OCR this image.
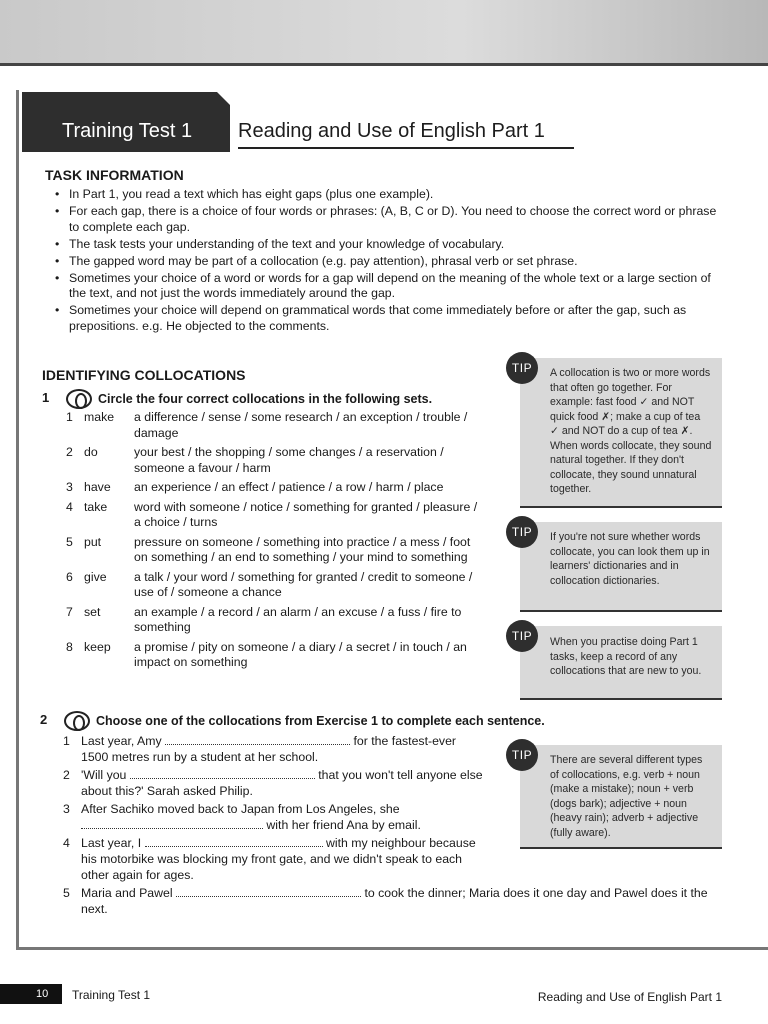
Training Test 1 Reading and Use of English Part 1
TASK INFORMATION
• In Part 1, you read a text which has eight gaps (plus one example).
• For each gap, there is a choice of four words or phrases: (A, B, C or D). You need to choose the correct word or phrase to complete each gap.
• The task tests your understanding of the text and your knowledge of vocabulary.
• The gapped word may be part of a collocation (e.g. pay attention), phrasal verb or set phrase.
• Sometimes your choice of a word or words for a gap will depend on the meaning of the whole text or a large section of the text, and not just the words immediately around the gap.
• Sometimes your choice will depend on grammatical words that come immediately before or after the gap, such as prepositions. e.g. He objected to the comments.
IDENTIFYING COLLOCATIONS
1	Circle the four correct collocations in the following sets.
1 make	a difference / sense / some research / an exception / trouble / damage
2 do	your best / the shopping / some changes / a reservation / someone a favour / harm
3 have	an experience / an effect / patience / a row / harm / place
4 take	word with someone / notice / something for granted / pleasure / a choice / turns
5 put	pressure on someone / something into practice / a mess / foot on something / an end to something / your mind to something
6 give	a talk / your word / something for granted / credit to someone / use of / someone a chance
7 set	an example / a record / an alarm / an excuse / a fuss / fire to something
8 keep	a promise / pity on someone / a diary / a secret / in touch / an impact on something
2	Choose one of the collocations from Exercise 1 to complete each sentence.
1 Last year, Amy	for the fastest-ever 1500 metres run by a student at her school.
2 'Will you	that you won't tell anyone else about this?' Sarah asked Philip.
3 After Sachiko moved back to Japan from Los Angeles, she  with her friend Ana by email.
4 Last year, I	with my neighbour because his motorbike was blocking my front gate, and we didn't speak to each other again for ages.
5 Maria and Pawel	to cook the dinner; Maria does it one day and Pawel does it the next.
A collocation is two or more words that often go together. For example: fast food ✓ and NOT quick food ✗; make a cup of tea ✓ and NOT do a cup of tea ✗. When words collocate, they sound natural together. If they don't collocate, they sound unnatural together.
TIP
If you're not sure whether words collocate, you can look them up in learners' dictionaries and in collocation dictionaries.
TIP
When you practise doing Part 1 tasks, keep a record of any collocations that are new to you.
TIP
There are several different types of collocations, e.g. verb + noun (make a mistake); noun + verb (dogs bark); adjective + noun (heavy rain); adverb + adjective (fully aware).
TIP
10	Training Test 1	Reading and Use of English Part 1
